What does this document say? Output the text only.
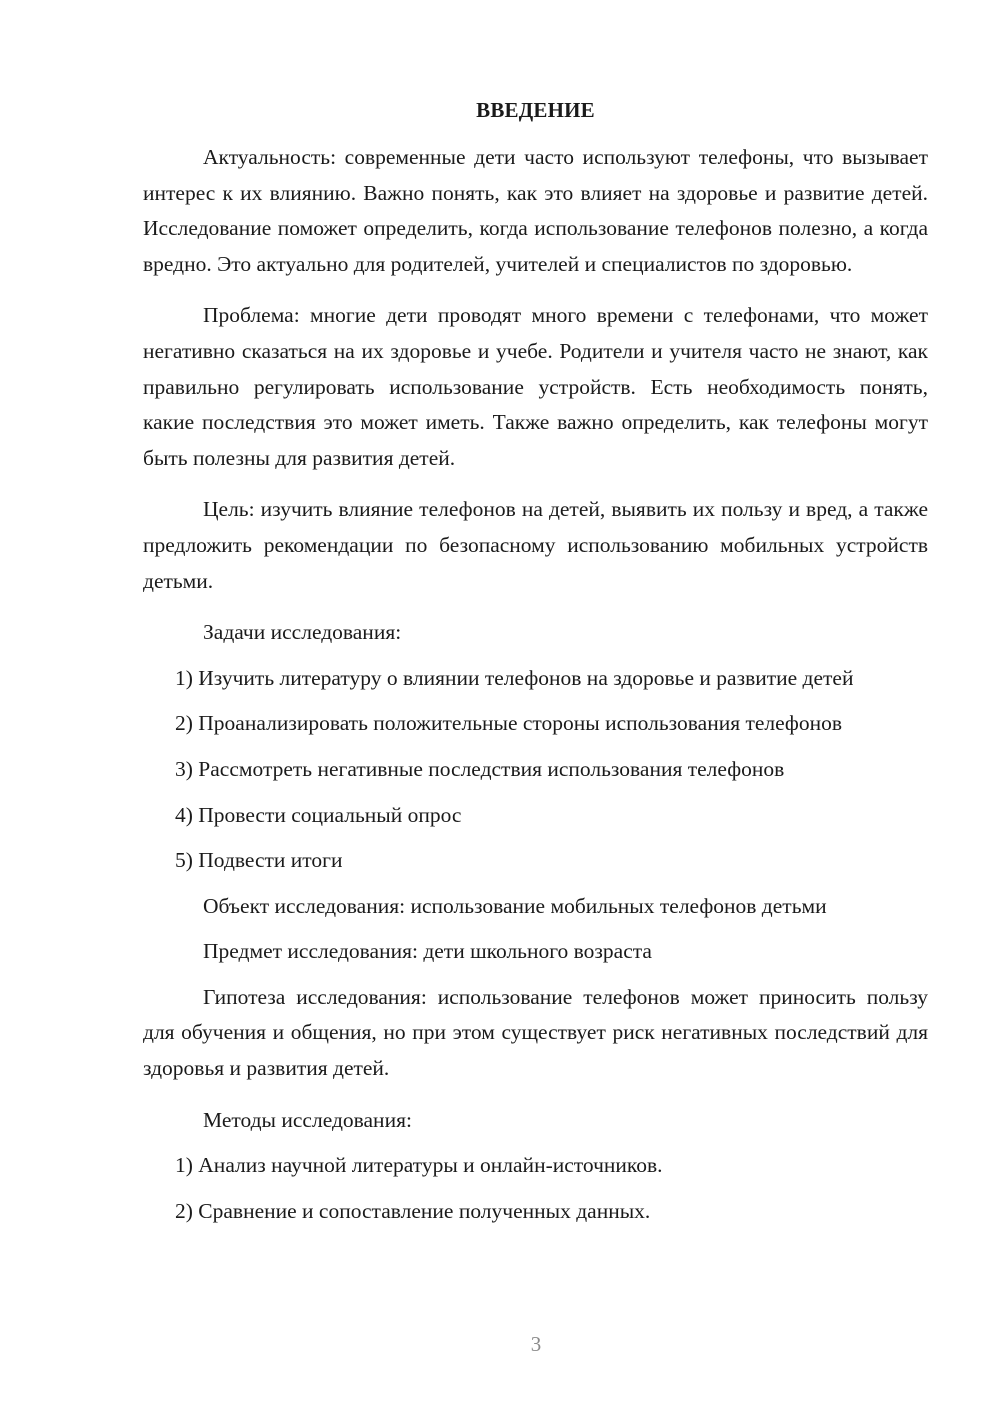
ВВЕДЕНИЕ

Актуальность: современные дети часто используют телефоны, что вызывает интерес к их влиянию. Важно понять, как это влияет на здоровье и развитие детей. Исследование поможет определить, когда использование телефонов полезно, а когда вредно. Это актуально для родителей, учителей и специалистов по здоровью.

Проблема: многие дети проводят много времени с телефонами, что может негативно сказаться на их здоровье и учебе. Родители и учителя часто не знают, как правильно регулировать использование устройств. Есть необходимость понять, какие последствия это может иметь. Также важно определить, как телефоны могут быть полезны для развития детей.

Цель: изучить влияние телефонов на детей, выявить их пользу и вред, а также предложить рекомендации по безопасному использованию мобильных устройств детьми.

Задачи исследования:

1) Изучить литературу о влиянии телефонов на здоровье и развитие детей

2) Проанализировать положительные стороны использования телефонов

3) Рассмотреть негативные последствия использования телефонов

4) Провести социальный опрос

5) Подвести итоги

Объект исследования: использование мобильных телефонов детьми

Предмет исследования: дети школьного возраста

Гипотеза исследования: использование телефонов может приносить пользу для обучения и общения, но при этом существует риск негативных последствий для здоровья и развития детей.

Методы исследования:

1) Анализ научной литературы и онлайн-источников.

2) Сравнение и сопоставление полученных данных.

3
